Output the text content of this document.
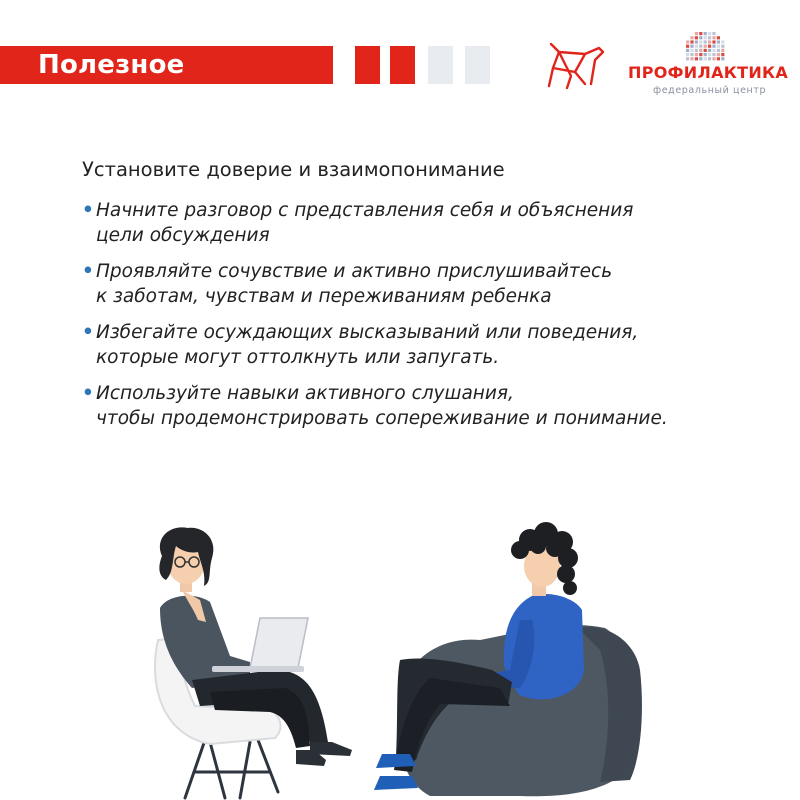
Полезное	ПРОФИЛАКТИКА
федеральный центр
Установите доверие и взаимопонимание
• Начните разговор с представления себя и объяснения
цели обсуждения
• Проявляйте сочувствие и активно прислушивайтесь
к заботам, чувствам и переживаниям ребенка
• Избегайте осуждающих высказываний или поведения,
которые могут оттолкнуть или запугать.
• Используйте навыки активного слушания,
чтобы продемонстрировать сопереживание и понимание.
